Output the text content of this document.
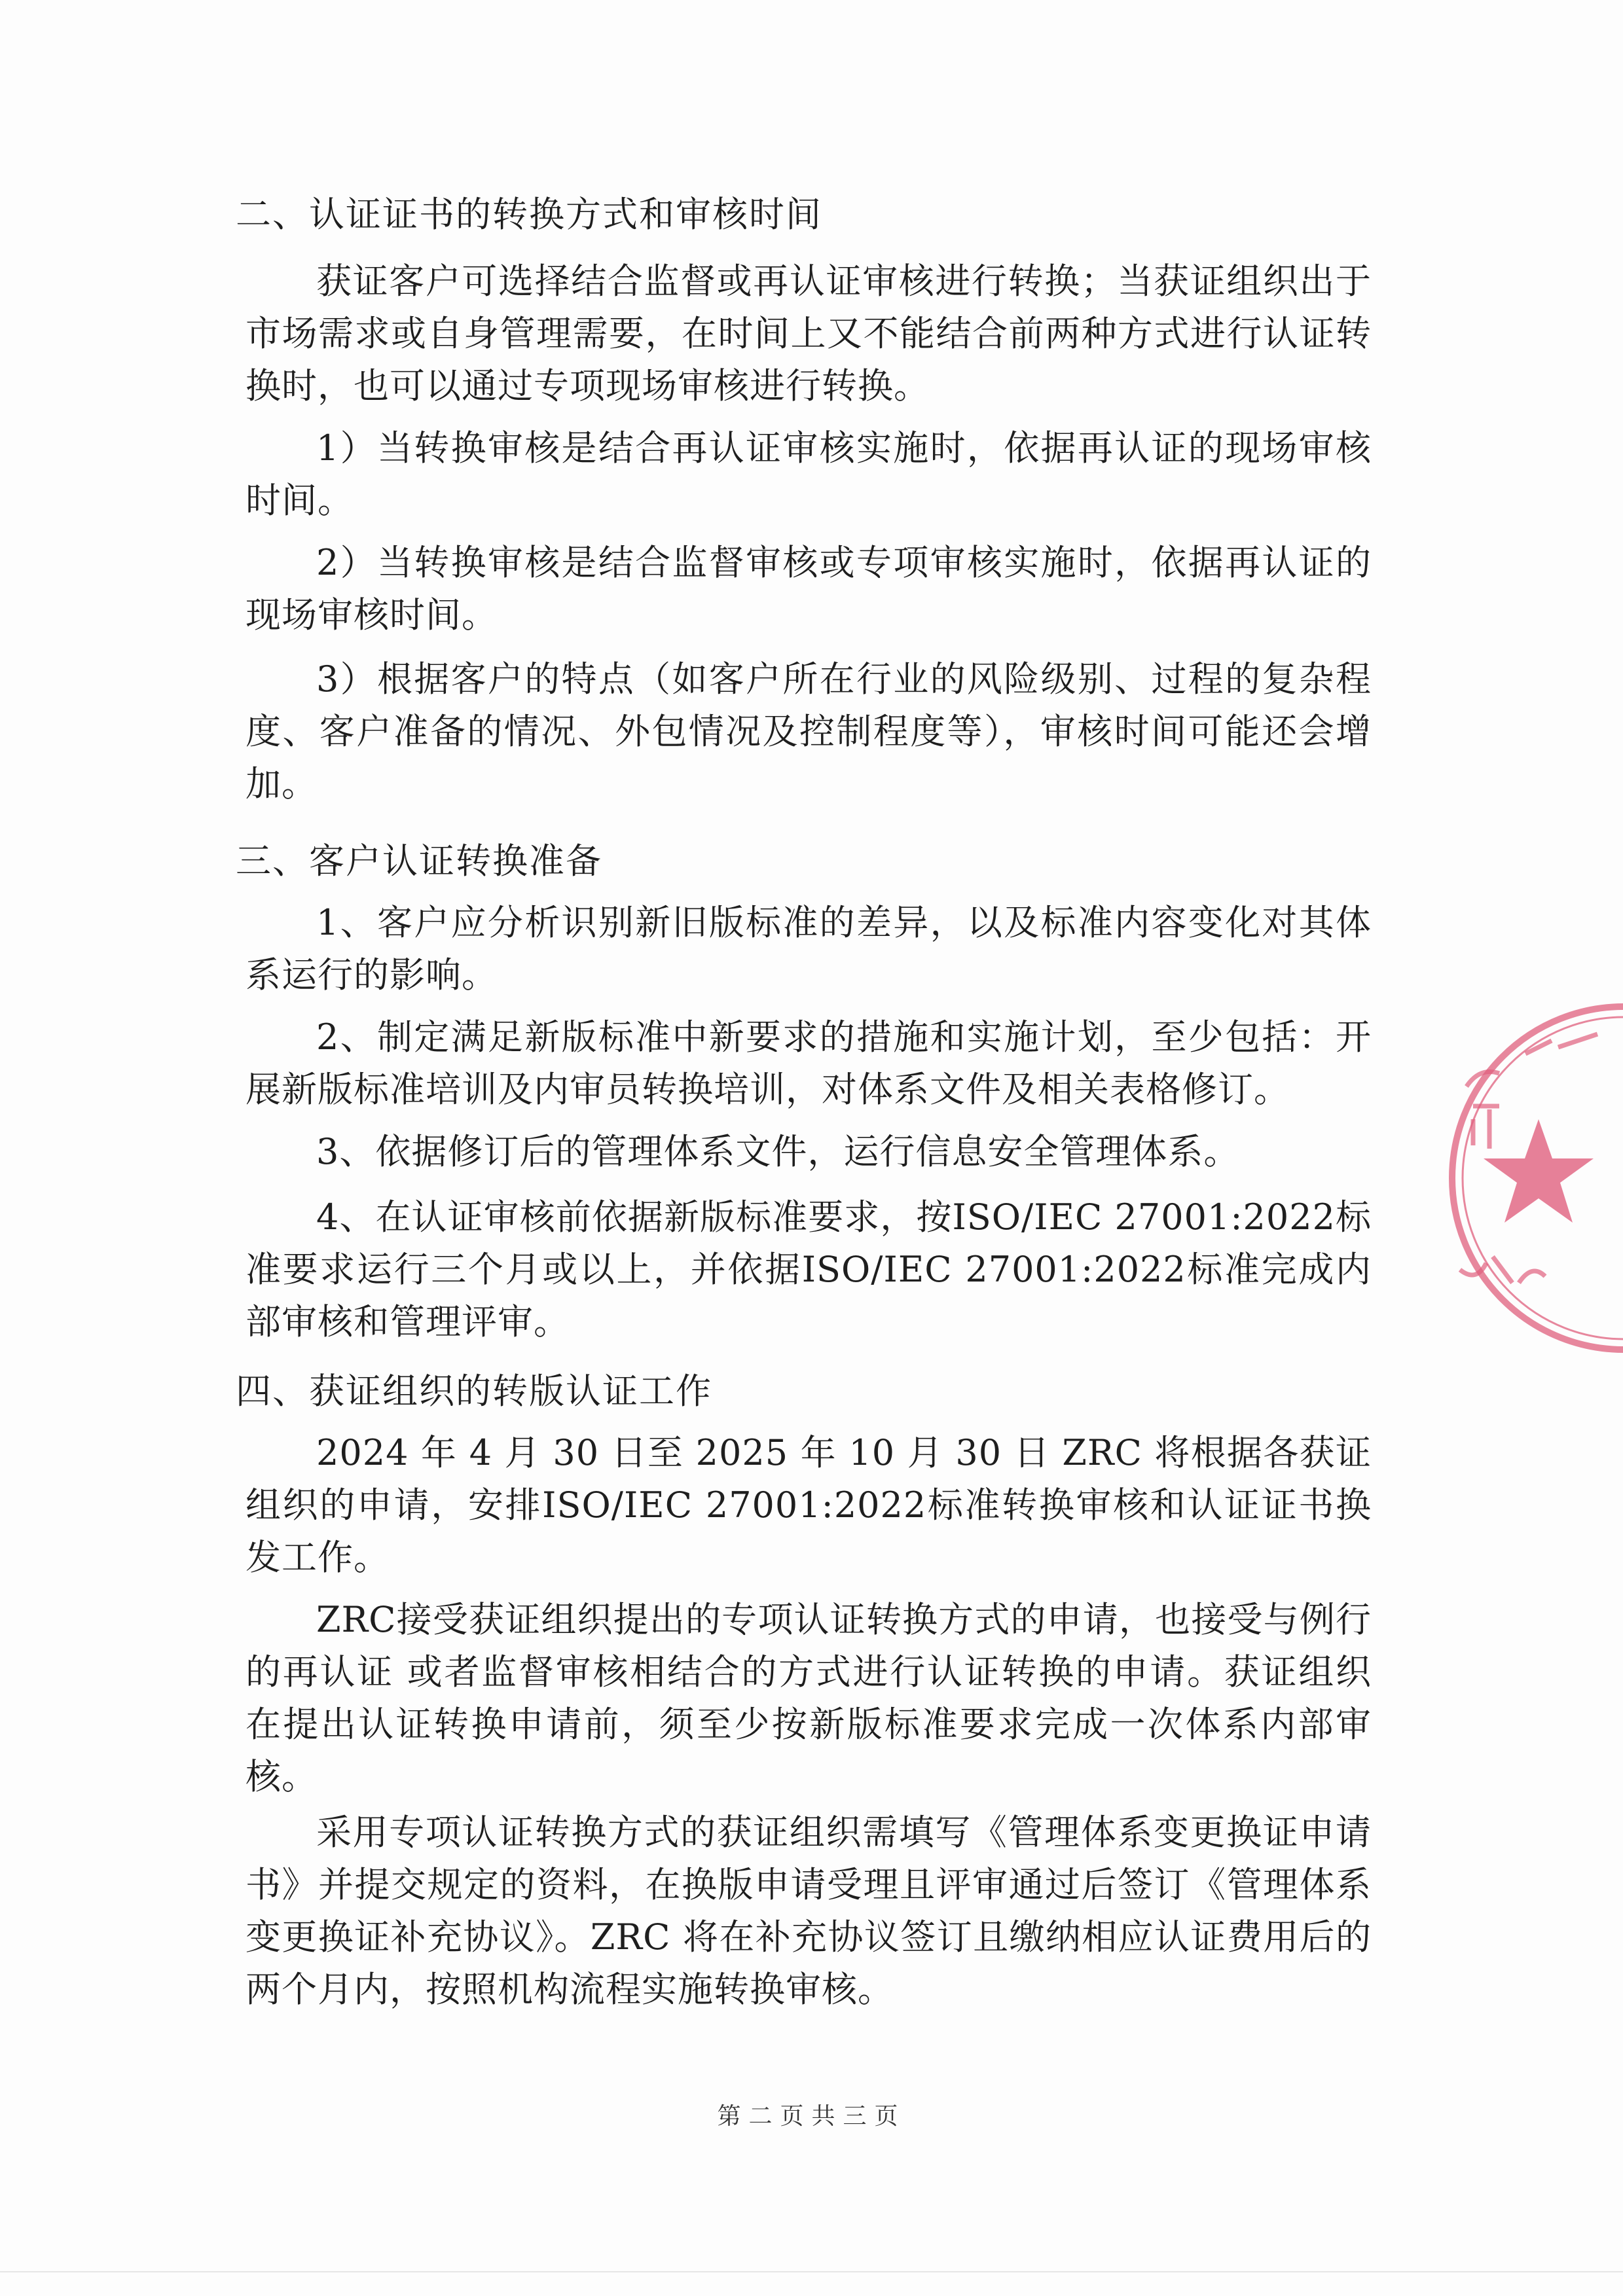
二、认证证书的转换方式和审核时间
获证客户可选择结合监督或再认证审核进行转换；当获证组织出于市场需求或自身管理需要，在时间上又不能结合前两种方式进行认证转换时，也可以通过专项现场审核进行转换。
1）当转换审核是结合再认证审核实施时，依据再认证的现场审核时间。
2）当转换审核是结合监督审核或专项审核实施时，依据再认证的现场审核时间。
3）根据客户的特点（如客户所在行业的风险级别、过程的复杂程度、客户准备的情况、外包情况及控制程度等），审核时间可能还会增加。
三、客户认证转换准备
1、客户应分析识别新旧版标准的差异，以及标准内容变化对其体系运行的影响。
2、制定满足新版标准中新要求的措施和实施计划，至少包括：开展新版标准培训及内审员转换培训，对体系文件及相关表格修订。
3、依据修订后的管理体系文件，运行信息安全管理体系。
4、在认证审核前依据新版标准要求，按ISO/IEC 27001:2022标准要求运行三个月或以上，并依据ISO/IEC 27001:2022标准完成内部审核和管理评审。
四、获证组织的转版认证工作
2024 年 4 月 30 日至 2025 年 10 月 30 日 ZRC 将根据各获证组织的申请，安排ISO/IEC 27001:2022标准转换审核和认证证书换发工作。
ZRC接受获证组织提出的专项认证转换方式的申请，也接受与例行的再认证 或者监督审核相结合的方式进行认证转换的申请。获证组织在提出认证转换申请前，须至少按新版标准要求完成一次体系内部审核。
采用专项认证转换方式的获证组织需填写《管理体系变更换证申请书》并提交规定的资料，在换版申请受理且评审通过后签订《管理体系变更换证补充协议》。ZRC 将在补充协议签订且缴纳相应认证费用后的两个月内，按照机构流程实施转换审核。
第二页共三页
